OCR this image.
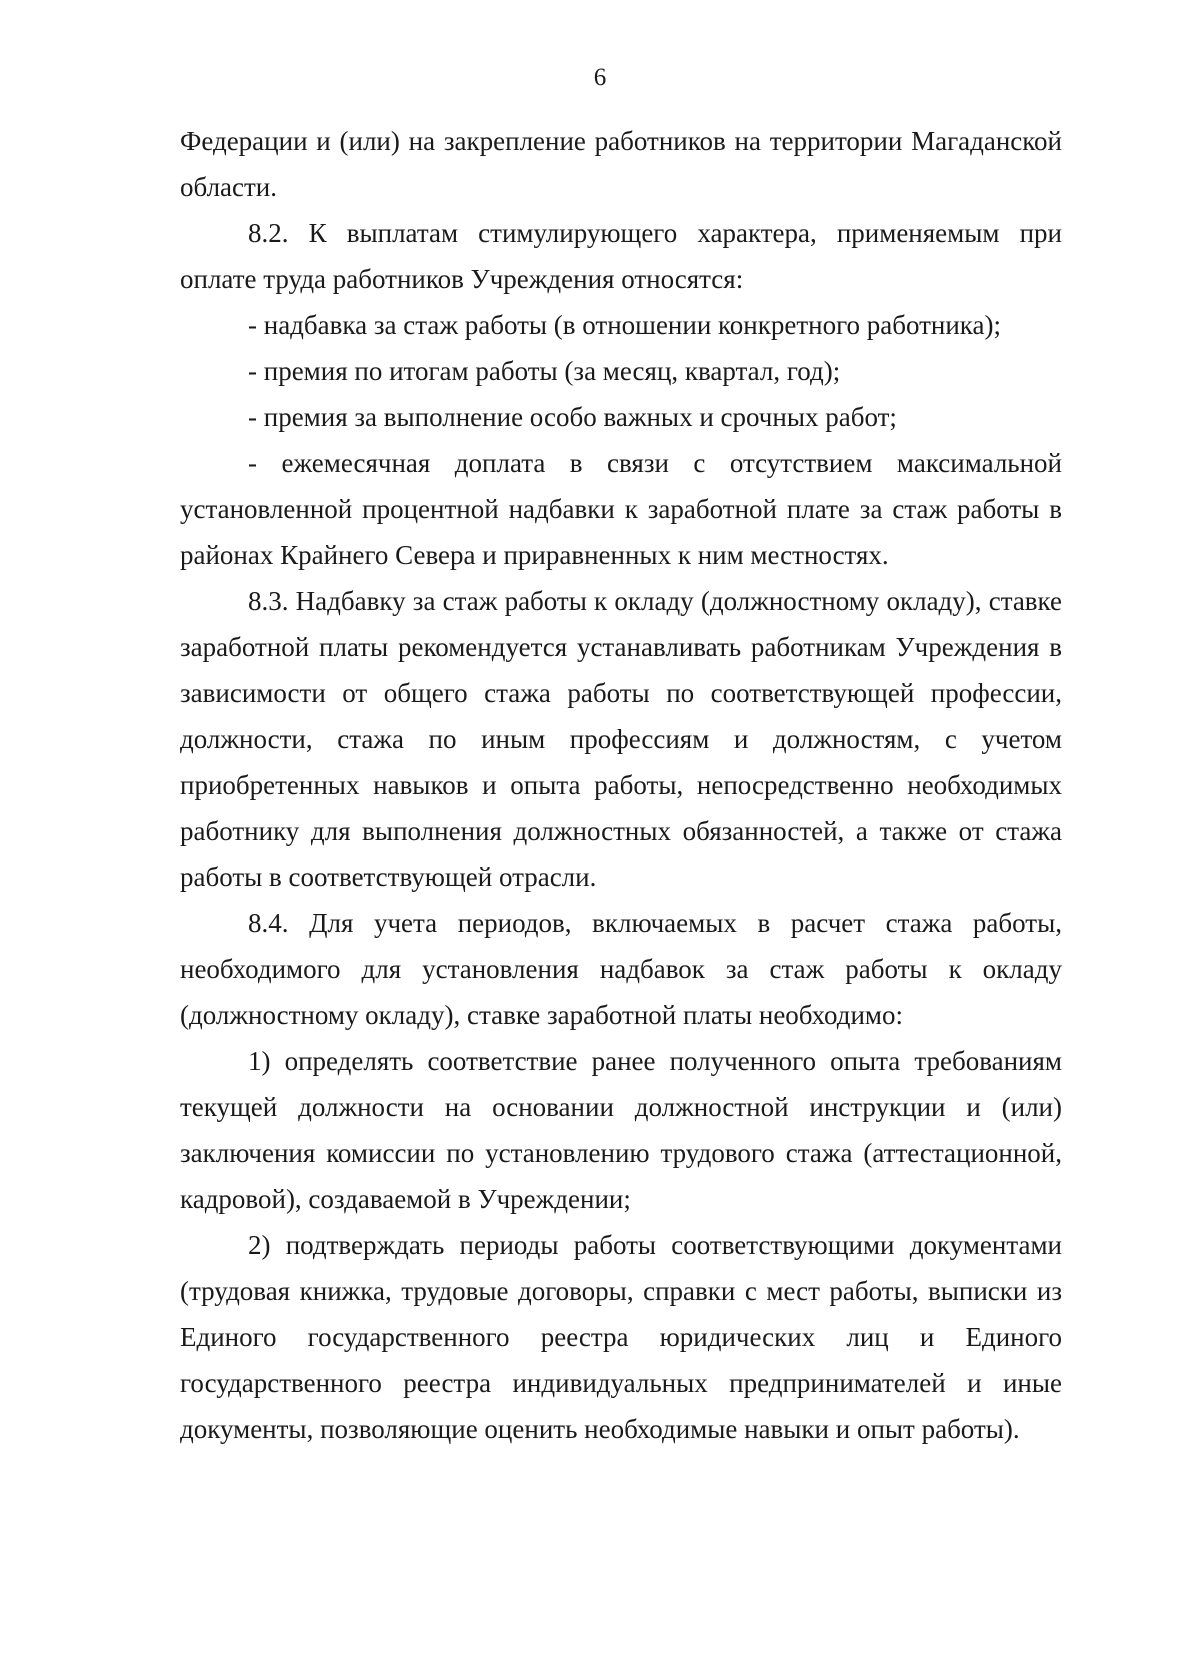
6

Федерации и (или) на закрепление работников на территории Магаданской области.

8.2. К выплатам стимулирующего характера, применяемым при оплате труда работников Учреждения относятся:

- надбавка за стаж работы (в отношении конкретного работника);

- премия по итогам работы (за месяц, квартал, год);

- премия за выполнение особо важных и срочных работ;

- ежемесячная доплата в связи с отсутствием максимальной установленной процентной надбавки к заработной плате за стаж работы в районах Крайнего Севера и приравненных к ним местностях.

8.3. Надбавку за стаж работы к окладу (должностному окладу), ставке заработной платы рекомендуется устанавливать работникам Учреждения в зависимости от общего стажа работы по соответствующей профессии, должности, стажа по иным профессиям и должностям, с учетом приобретенных навыков и опыта работы, непосредственно необходимых работнику для выполнения должностных обязанностей, а также от стажа работы в соответствующей отрасли.

8.4. Для учета периодов, включаемых в расчет стажа работы, необходимого для установления надбавок за стаж работы к окладу (должностному окладу), ставке заработной платы необходимо:

1) определять соответствие ранее полученного опыта требованиям текущей должности на основании должностной инструкции и (или) заключения комиссии по установлению трудового стажа (аттестационной, кадровой), создаваемой в Учреждении;

2) подтверждать периоды работы соответствующими документами (трудовая книжка, трудовые договоры, справки с мест работы, выписки из Единого государственного реестра юридических лиц и Единого государственного реестра индивидуальных предпринимателей и иные документы, позволяющие оценить необходимые навыки и опыт работы).
